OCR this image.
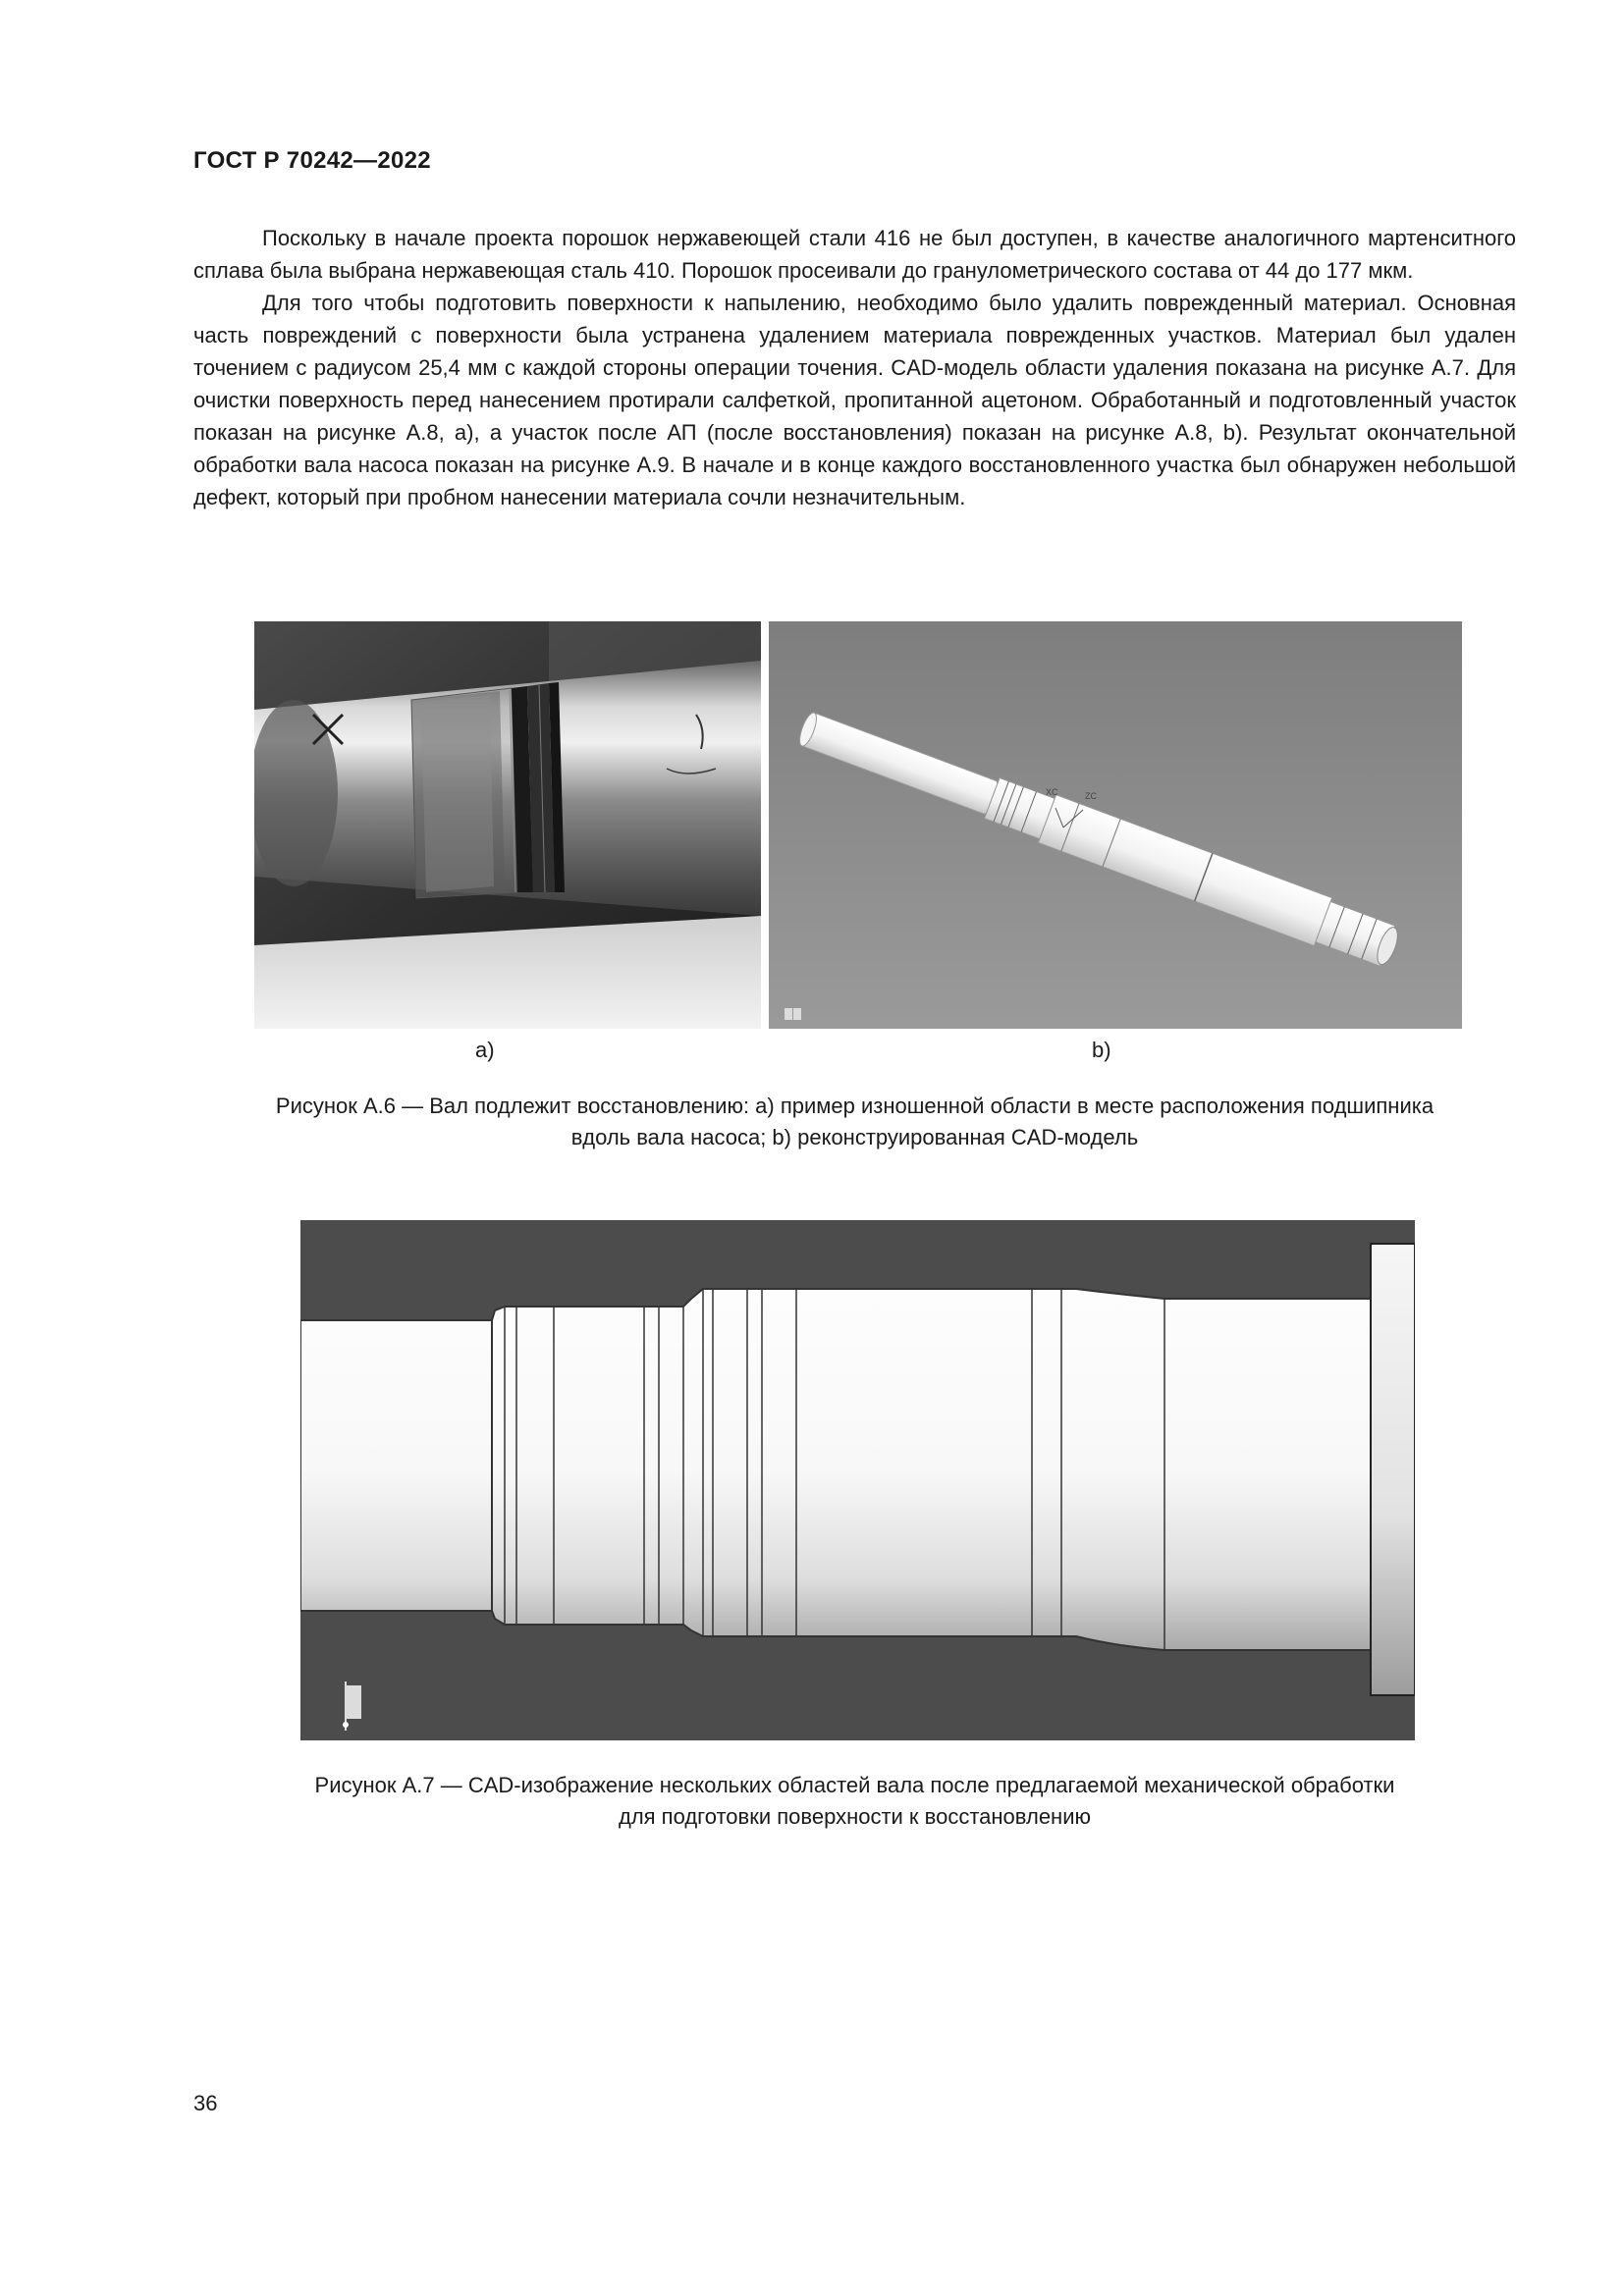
ГОСТ Р 70242—2022

Поскольку в начале проекта порошок нержавеющей стали 416 не был доступен, в качестве аналогичного мартенситного сплава была выбрана нержавеющая сталь 410. Порошок просеивали до гранулометрического состава от 44 до 177 мкм.

Для того чтобы подготовить поверхности к напылению, необходимо было удалить поврежденный материал. Основная часть повреждений с поверхности была устранена удалением материала поврежденных участков. Материал был удален точением с радиусом 25,4 мм с каждой стороны операции точения. CAD-модель области удаления показана на рисунке А.7. Для очистки поверхность перед нанесением протирали салфеткой, пропитанной ацетоном. Обработанный и подготовленный участок показан на рисунке А.8, а), а участок после АП (после восстановления) показан на рисунке А.8, b). Результат окончательной обработки вала насоса показан на рисунке А.9. В начале и в конце каждого восстановленного участка был обнаружен небольшой дефект, который при пробном нанесении материала сочли незначительным.

XC	ZC
a)	b)
Рисунок А.6 — Вал подлежит восстановлению: а) пример изношенной области в месте расположения подшипника
вдоль вала насоса; b) реконструированная CAD-модель
Рисунок А.7 — CAD-изображение нескольких областей вала после предлагаемой механической обработки
для подготовки поверхности к восстановлению
36
